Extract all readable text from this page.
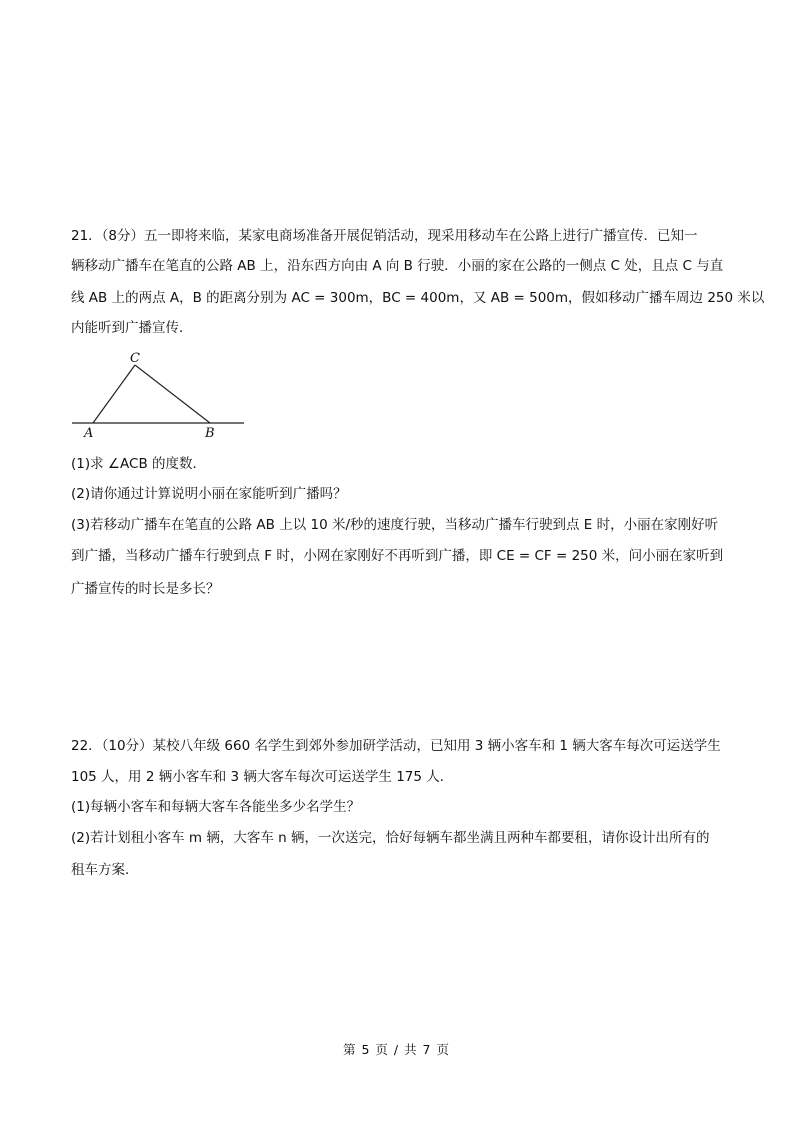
21．（8分）五一即将来临，某家电商场准备开展促销活动，现采用移动车在公路上进行广播宣传．已知一
辆移动广播车在笔直的公路 AB 上，沿东西方向由 A 向 B 行驶．小丽的家在公路的一侧点 C 处，且点 C 与直
线 AB 上的两点 A，B 的距离分别为 AC = 300m，BC = 400m，又 AB = 500m，假如移动广播车周边 250 米以
内能听到广播宣传．
C
A	B
(1)求 ∠ACB 的度数．
(2)请你通过计算说明小丽在家能听到广播吗？
(3)若移动广播车在笔直的公路 AB 上以 10 米/秒的速度行驶，当移动广播车行驶到点 E 时，小丽在家刚好听
到广播，当移动广播车行驶到点 F 时，小网在家刚好不再听到广播，即 CE = CF = 250 米，问小丽在家听到
广播宣传的时长是多长？
22．（10分）某校八年级 660 名学生到郊外参加研学活动，已知用 3 辆小客车和 1 辆大客车每次可运送学生
105 人，用 2 辆小客车和 3 辆大客车每次可运送学生 175 人．
(1)每辆小客车和每辆大客车各能坐多少名学生？
(2)若计划租小客车 m 辆，大客车 n 辆，一次送完，恰好每辆车都坐满且两种车都要租，请你设计出所有的
租车方案．
第 5 页 / 共 7 页
